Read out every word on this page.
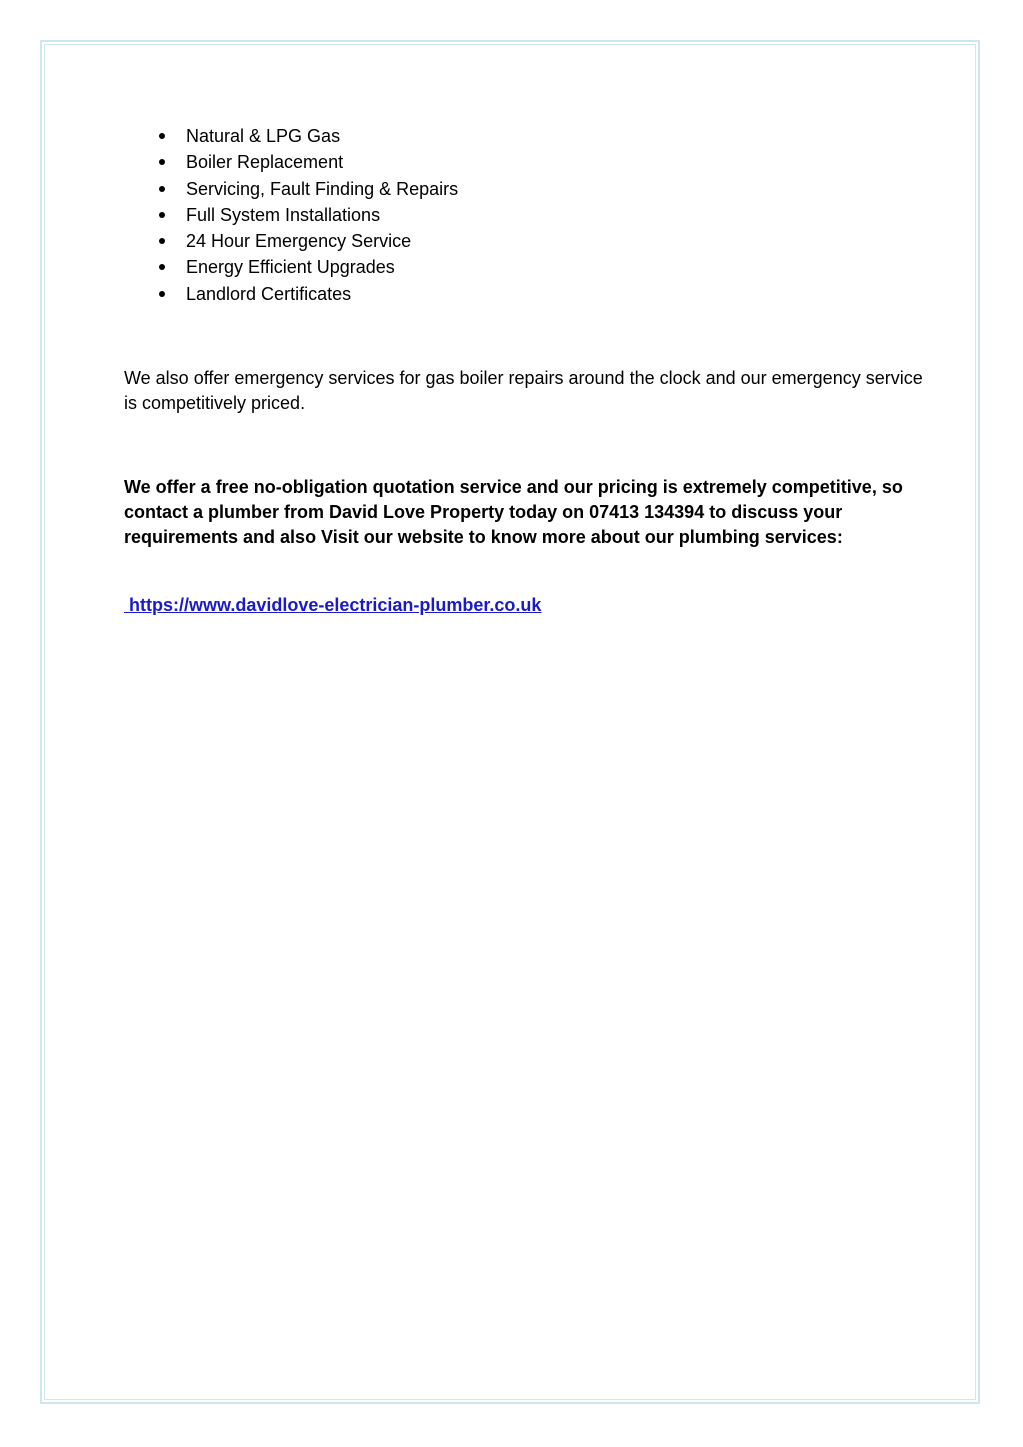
Natural & LPG Gas
Boiler Replacement
Servicing, Fault Finding & Repairs
Full System Installations
24 Hour Emergency Service
Energy Efficient Upgrades
Landlord Certificates

We also offer emergency services for gas boiler repairs around the clock and our emergency service is competitively priced.

We offer a free no-obligation quotation service and our pricing is extremely competitive, so contact a plumber from David Love Property today on 07413 134394 to discuss your requirements and also Visit our website to know more about our plumbing services:

https://www.davidlove-electrician-plumber.co.uk
